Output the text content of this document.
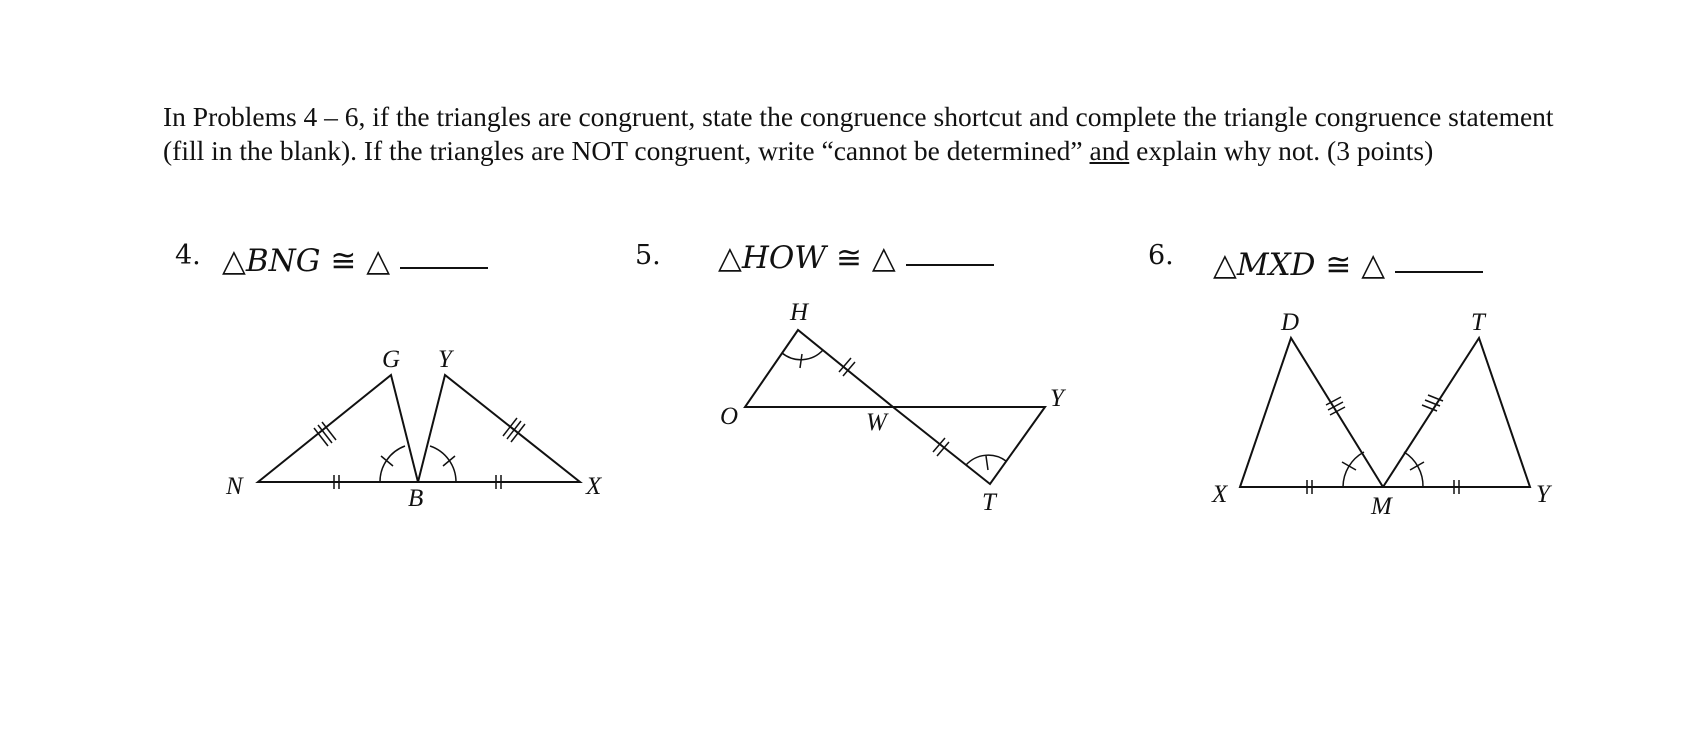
In Problems 4 – 6, if the triangles are congruent, state the congruence shortcut and complete the triangle congruence statement (fill in the blank). If the triangles are NOT congruent, write “cannot be determined” and explain why not. (3 points)
4. △BNG ≅ △	5. △HOW ≅ △	6. △MXD ≅ △
G Y
N	B	X
H
O	W
Y
T
D	T
X	M	Y
